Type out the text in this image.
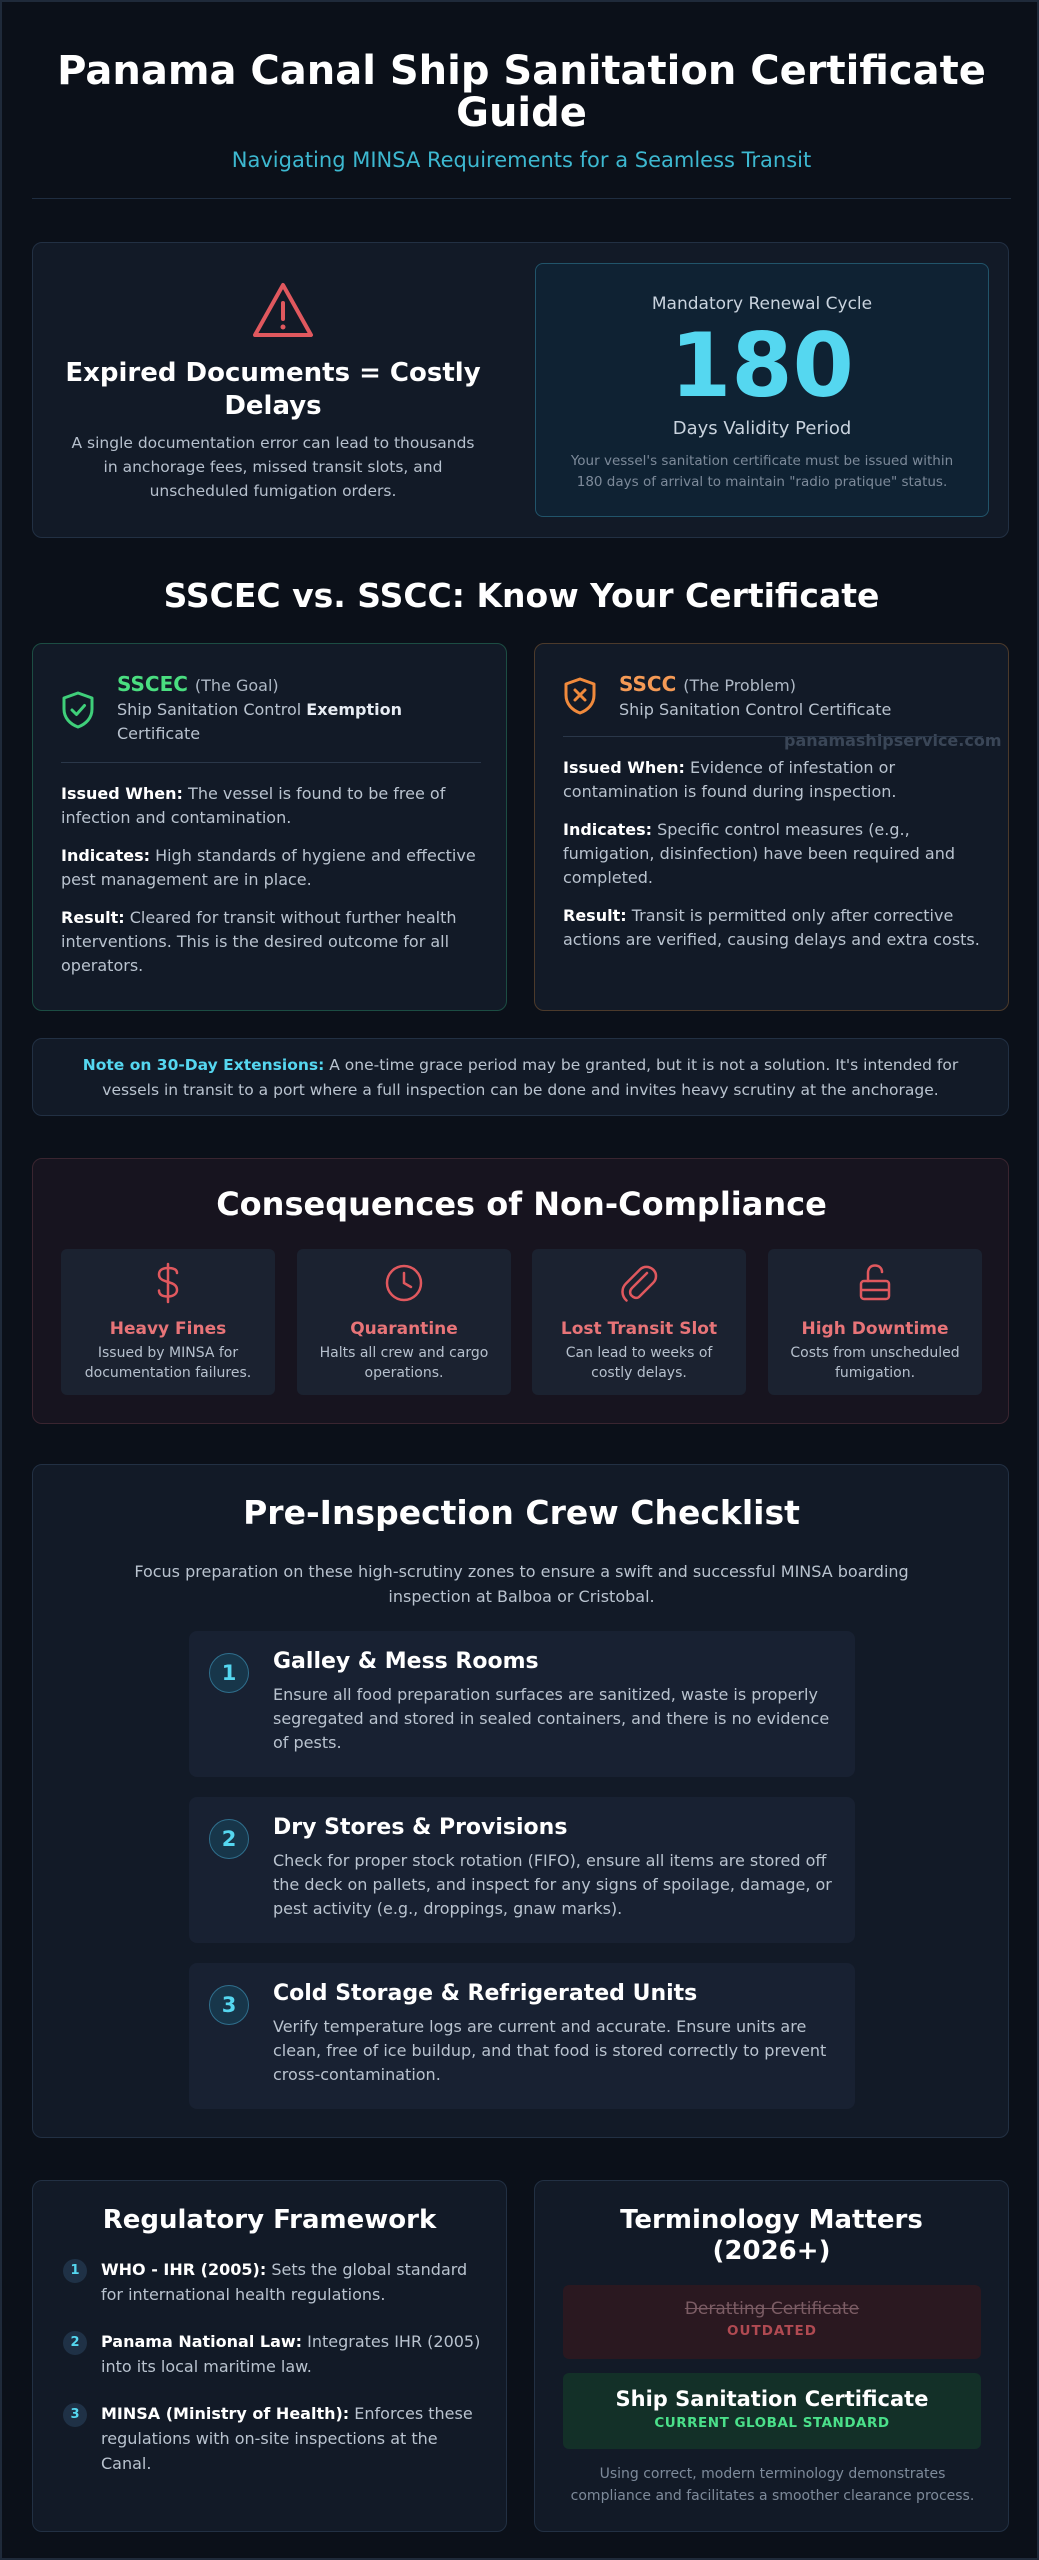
Panama Canal Ship Sanitation Certificate Guide
Navigating MINSA Requirements for a Seamless Transit
Expired Documents = Costly Delays

A single documentation error can lead to thousands in anchorage fees, missed transit slots, and unscheduled fumigation orders.

Mandatory Renewal Cycle
180
Days Validity Period
Your vessel's sanitation certificate must be issued within 180 days of arrival to maintain "radio pratique" status.
SSCEC vs. SSCC: Know Your Certificate
SSCEC (The Goal)
Ship Sanitation Control Exemption
Certificate

Issued When: The vessel is found to be free of infection and contamination.

Indicates: High standards of hygiene and effective pest management are in place.

Result: Cleared for transit without further health interventions. This is the desired outcome for all operators.

SSCC (The Problem)
Ship Sanitation Control Certificate

Issued When: Evidence of infestation or contamination is found during inspection.

Indicates: Specific control measures (e.g., fumigation, disinfection) have been required and completed.

Result: Transit is permitted only after corrective actions are verified, causing delays and extra costs.

panamashipservice.com

Note on 30-Day Extensions: A one-time grace period may be granted, but it is not a solution. It's intended for vessels in transit to a port where a full inspection can be done and invites heavy scrutiny at the anchorage.

Consequences of Non-Compliance
Heavy Fines
Issued by MINSA for documentation failures.
Quarantine
Halts all crew and cargo operations.
Lost Transit Slot
Can lead to weeks of costly delays.
High Downtime
Costs from unscheduled fumigation.
Pre-Inspection Crew Checklist
Focus preparation on these high-scrutiny zones to ensure a swift and successful MINSA boarding inspection at Balboa or Cristobal.
1	Galley & Mess Rooms
Ensure all food preparation surfaces are sanitized, waste is properly segregated and stored in sealed containers, and there is no evidence of pests.
2	Dry Stores & Provisions
Check for proper stock rotation (FIFO), ensure all items are stored off the deck on pallets, and inspect for any signs of spoilage, damage, or pest activity (e.g., droppings, gnaw marks).
3	Cold Storage & Refrigerated Units
Verify temperature logs are current and accurate. Ensure units are clean, free of ice buildup, and that food is stored correctly to prevent cross-contamination.
Regulatory Framework
1	WHO - IHR (2005): Sets the global standard for international health regulations.
2	Panama National Law: Integrates IHR (2005) into its local maritime law.
3	MINSA (Ministry of Health): Enforces these regulations with on-site inspections at the Canal.
Terminology Matters (2026+)
Deratting Certificate
OUTDATED
Ship Sanitation Certificate
CURRENT GLOBAL STANDARD
Using correct, modern terminology demonstrates compliance and facilitates a smoother clearance process.
